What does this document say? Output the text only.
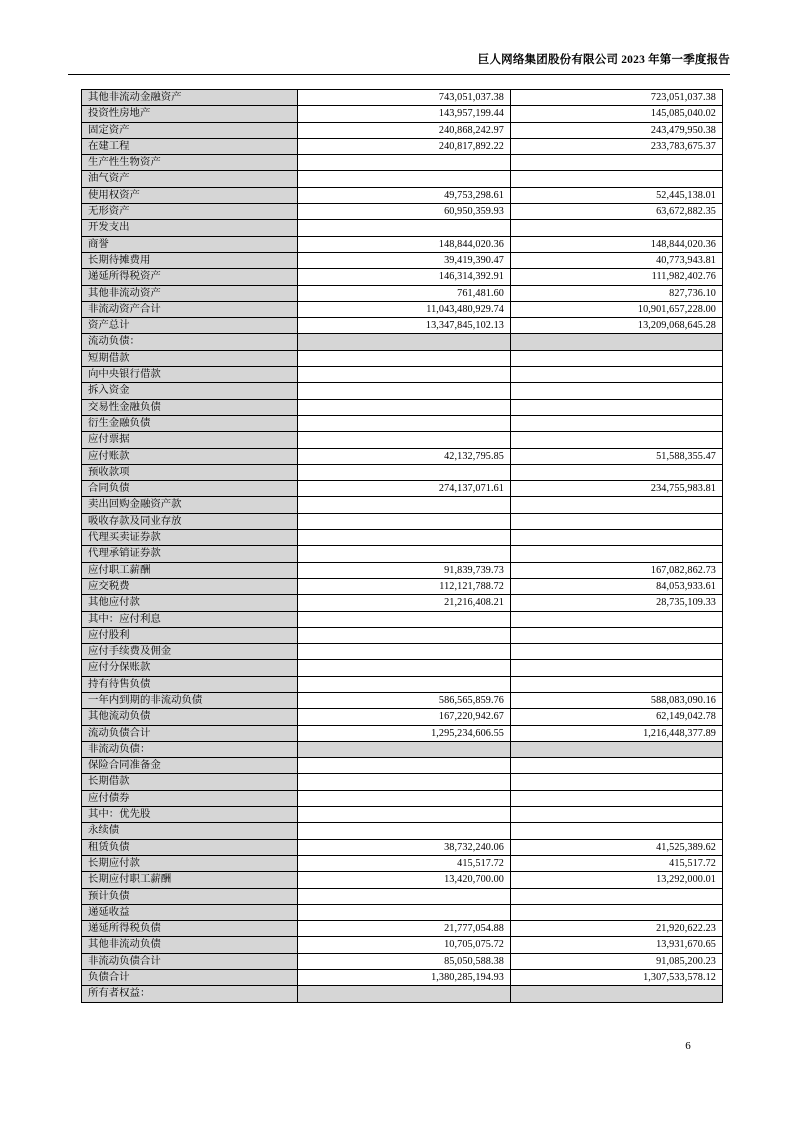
巨人网络集团股份有限公司 2023 年第一季度报告
其他非流动金融资产	743,051,037.38	723,051,037.38
投资性房地产	143,957,199.44	145,085,040.02
固定资产	240,868,242.97	243,479,950.38
在建工程	240,817,892.22	233,783,675.37
生产性生物资产		
油气资产		
使用权资产	49,753,298.61	52,445,138.01
无形资产	60,950,359.93	63,672,882.35
开发支出		
商誉	148,844,020.36	148,844,020.36
长期待摊费用	39,419,390.47	40,773,943.81
递延所得税资产	146,314,392.91	111,982,402.76
其他非流动资产	761,481.60	827,736.10
非流动资产合计	11,043,480,929.74	10,901,657,228.00
资产总计	13,347,845,102.13	13,209,068,645.28
流动负债：		
短期借款		
向中央银行借款		
拆入资金		
交易性金融负债		
衍生金融负债		
应付票据		
应付账款	42,132,795.85	51,588,355.47
预收款项		
合同负债	274,137,071.61	234,755,983.81
卖出回购金融资产款		
吸收存款及同业存放		
代理买卖证券款		
代理承销证券款		
应付职工薪酬	91,839,739.73	167,082,862.73
应交税费	112,121,788.72	84,053,933.61
其他应付款	21,216,408.21	28,735,109.33
其中：应付利息		
应付股利		
应付手续费及佣金		
应付分保账款		
持有待售负债		
一年内到期的非流动负债	586,565,859.76	588,083,090.16
其他流动负债	167,220,942.67	62,149,042.78
流动负债合计	1,295,234,606.55	1,216,448,377.89
非流动负债：		
保险合同准备金		
长期借款		
应付债券		
其中：优先股		
永续债		
租赁负债	38,732,240.06	41,525,389.62
长期应付款	415,517.72	415,517.72
长期应付职工薪酬	13,420,700.00	13,292,000.01
预计负债		
递延收益		
递延所得税负债	21,777,054.88	21,920,622.23
其他非流动负债	10,705,075.72	13,931,670.65
非流动负债合计	85,050,588.38	91,085,200.23
负债合计	1,380,285,194.93	1,307,533,578.12
所有者权益：		
6
